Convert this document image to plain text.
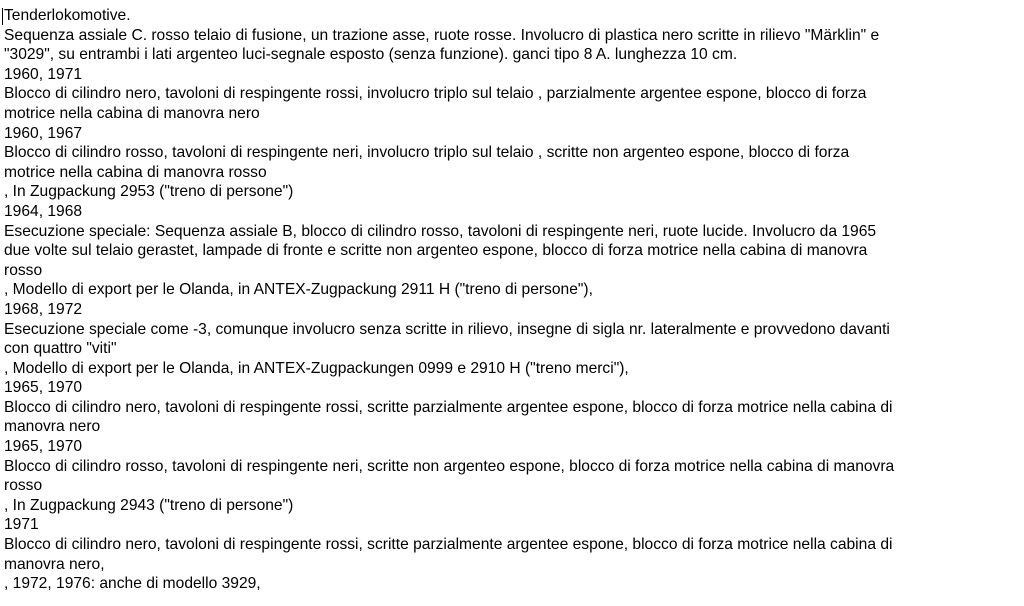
Tenderlokomotive.
Sequenza assiale C. rosso telaio di fusione, un trazione asse, ruote rosse. Involucro di plastica nero scritte in rilievo "Märklin" e
"3029", su entrambi i lati argenteo luci-segnale esposto (senza funzione). ganci tipo 8 A. lunghezza 10 cm.
1960, 1971
Blocco di cilindro nero, tavoloni di respingente rossi, involucro triplo sul telaio , parzialmente argentee espone, blocco di forza
motrice nella cabina di manovra nero
1960, 1967
Blocco di cilindro rosso, tavoloni di respingente neri, involucro triplo sul telaio , scritte non argenteo espone, blocco di forza
motrice nella cabina di manovra rosso
, In Zugpackung 2953 ("treno di persone")
1964, 1968
Esecuzione speciale: Sequenza assiale B, blocco di cilindro rosso, tavoloni di respingente neri, ruote lucide. Involucro da 1965
due volte sul telaio gerastet, lampade di fronte e scritte non argenteo espone, blocco di forza motrice nella cabina di manovra
rosso
, Modello di export per le Olanda, in ANTEX-Zugpackung 2911 H ("treno di persone"),
1968, 1972
Esecuzione speciale come -3, comunque involucro senza scritte in rilievo, insegne di sigla nr. lateralmente e provvedono davanti
con quattro "viti"
, Modello di export per le Olanda, in ANTEX-Zugpackungen 0999 e 2910 H ("treno merci"),
1965, 1970
Blocco di cilindro nero, tavoloni di respingente rossi, scritte parzialmente argentee espone, blocco di forza motrice nella cabina di
manovra nero
1965, 1970
Blocco di cilindro rosso, tavoloni di respingente neri, scritte non argenteo espone, blocco di forza motrice nella cabina di manovra
rosso
, In Zugpackung 2943 ("treno di persone")
1971
Blocco di cilindro nero, tavoloni di respingente rossi, scritte parzialmente argentee espone, blocco di forza motrice nella cabina di
manovra nero,
, 1972, 1976: anche di modello 3929,
